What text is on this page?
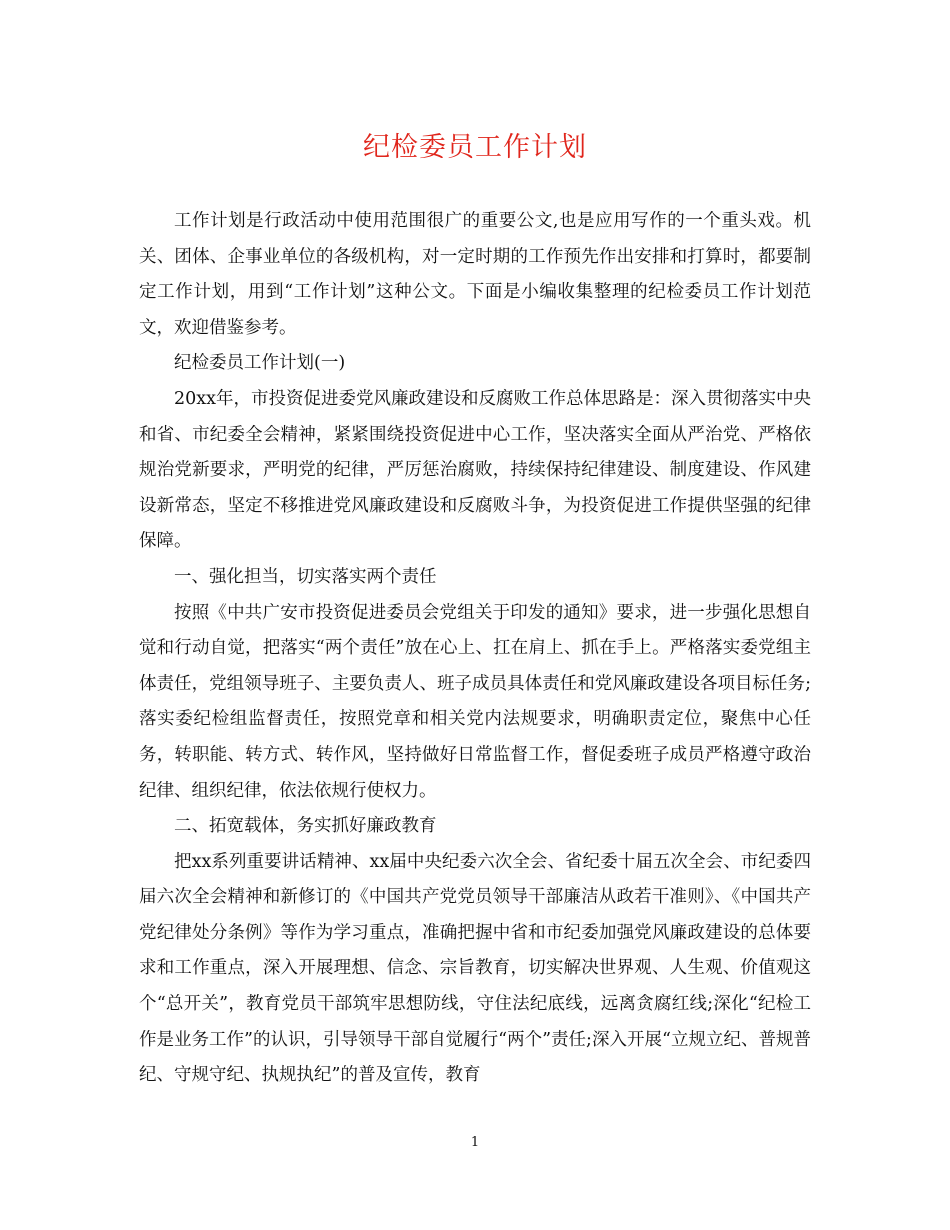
纪检委员工作计划

工作计划是行政活动中使用范围很广的重要公文,也是应用写作的一个重头戏。机关、团体、企事业单位的各级机构，对一定时期的工作预先作出安排和打算时，都要制定工作计划，用到“工作计划”这种公文。下面是小编收集整理的纪检委员工作计划范文，欢迎借鉴参考。

纪检委员工作计划(一)

20xx年，市投资促进委党风廉政建设和反腐败工作总体思路是：深入贯彻落实中央和省、市纪委全会精神，紧紧围绕投资促进中心工作，坚决落实全面从严治党、严格依规治党新要求，严明党的纪律，严厉惩治腐败，持续保持纪律建设、制度建设、作风建设新常态，坚定不移推进党风廉政建设和反腐败斗争，为投资促进工作提供坚强的纪律保障。

一、强化担当，切实落实两个责任

按照《中共广安市投资促进委员会党组关于印发的通知》要求，进一步强化思想自觉和行动自觉，把落实“两个责任”放在心上、扛在肩上、抓在手上。严格落实委党组主体责任，党组领导班子、主要负责人、班子成员具体责任和党风廉政建设各项目标任务;落实委纪检组监督责任，按照党章和相关党内法规要求，明确职责定位，聚焦中心任务，转职能、转方式、转作风，坚持做好日常监督工作，督促委班子成员严格遵守政治纪律、组织纪律，依法依规行使权力。

二、拓宽载体，务实抓好廉政教育

把xx系列重要讲话精神、xx届中央纪委六次全会、省纪委十届五次全会、市纪委四届六次全会精神和新修订的《中国共产党党员领导干部廉洁从政若干准则》、《中国共产党纪律处分条例》等作为学习重点，准确把握中省和市纪委加强党风廉政建设的总体要求和工作重点，深入开展理想、信念、宗旨教育，切实解决世界观、人生观、价值观这个“总开关”，教育党员干部筑牢思想防线，守住法纪底线，远离贪腐红线;深化“纪检工作是业务工作”的认识，引导领导干部自觉履行“两个”责任;深入开展“立规立纪、普规普纪、守规守纪、执规执纪”的普及宣传，教育

1
